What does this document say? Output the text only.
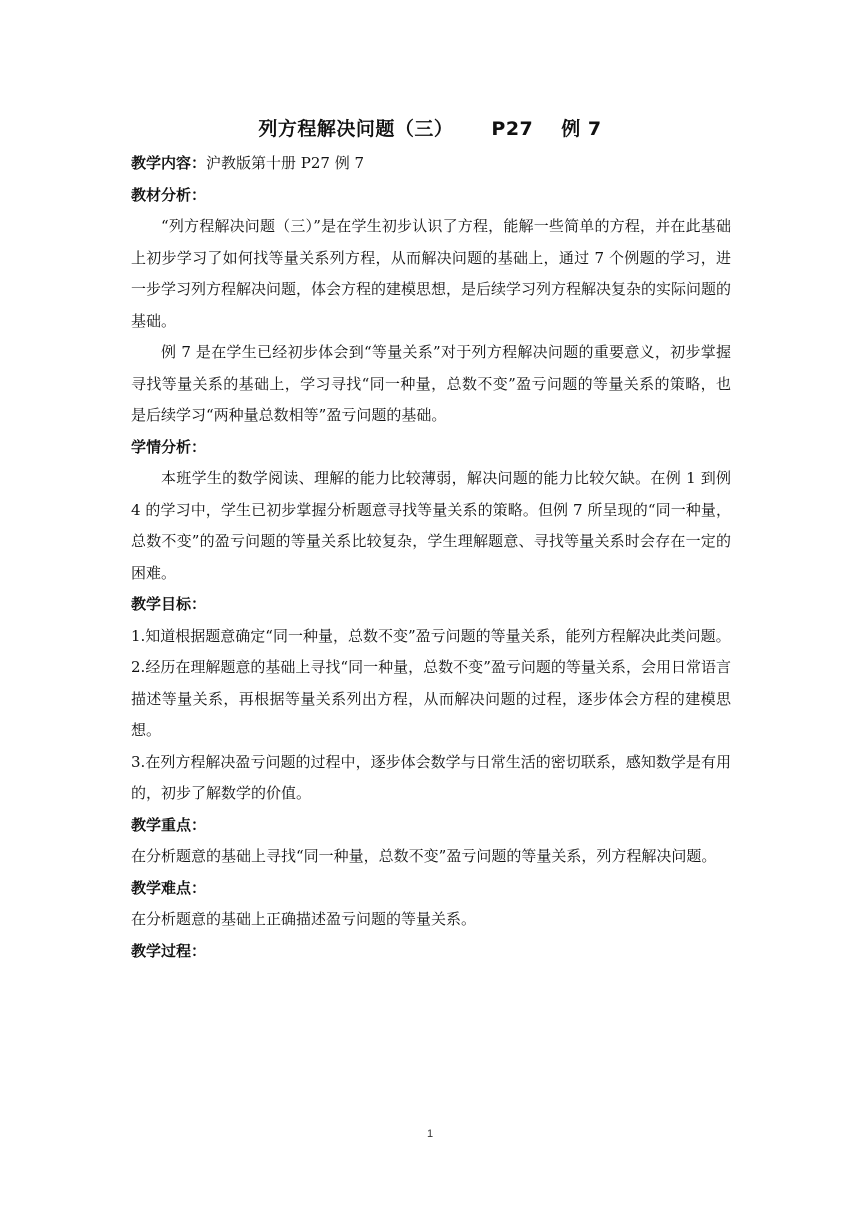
列方程解决问题（三） P27 例 7
教学内容：沪教版第十册 P27 例 7
教材分析：
“列方程解决问题（三）”是在学生初步认识了方程，能解一些简单的方程，并在此基础上初步学习了如何找等量关系列方程，从而解决问题的基础上，通过 7 个例题的学习，进一步学习列方程解决问题，体会方程的建模思想，是后续学习列方程解决复杂的实际问题的基础。
例 7 是在学生已经初步体会到“等量关系”对于列方程解决问题的重要意义，初步掌握寻找等量关系的基础上，学习寻找“同一种量，总数不变”盈亏问题的等量关系的策略，也是后续学习“两种量总数相等”盈亏问题的基础。
学情分析：
本班学生的数学阅读、理解的能力比较薄弱，解决问题的能力比较欠缺。在例 1 到例 4 的学习中，学生已初步掌握分析题意寻找等量关系的策略。但例 7 所呈现的“同一种量，总数不变”的盈亏问题的等量关系比较复杂，学生理解题意、寻找等量关系时会存在一定的困难。
教学目标：
1.知道根据题意确定“同一种量，总数不变”盈亏问题的等量关系，能列方程解决此类问题。
2.经历在理解题意的基础上寻找“同一种量，总数不变”盈亏问题的等量关系，会用日常语言描述等量关系，再根据等量关系列出方程，从而解决问题的过程，逐步体会方程的建模思想。
3.在列方程解决盈亏问题的过程中，逐步体会数学与日常生活的密切联系，感知数学是有用的，初步了解数学的价值。
教学重点：
在分析题意的基础上寻找“同一种量，总数不变”盈亏问题的等量关系，列方程解决问题。
教学难点：
在分析题意的基础上正确描述盈亏问题的等量关系。
教学过程：
1
